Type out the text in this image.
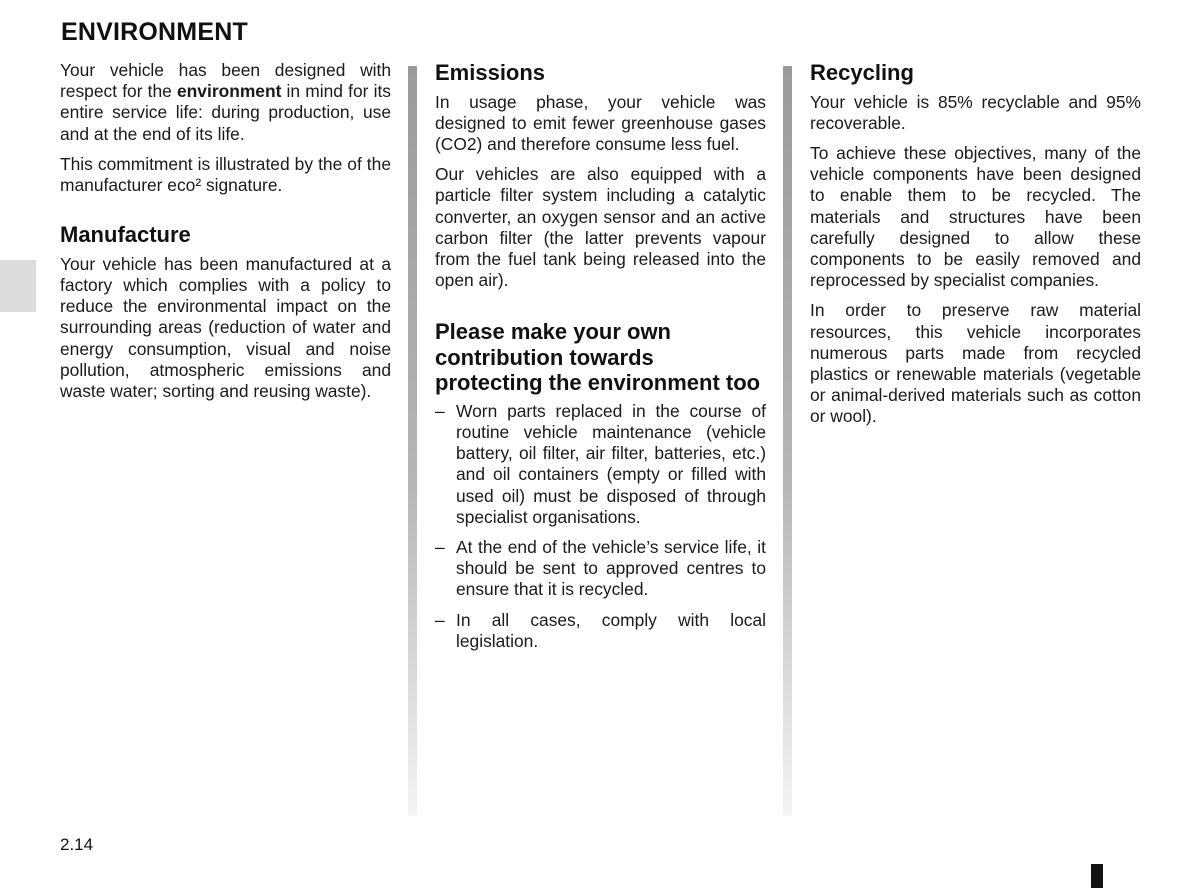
ENVIRONMENT

Your vehicle has been designed with respect for the environment in mind for its entire service life: during production, use and at the end of its life.

This commitment is illustrated by the of the manufacturer eco² signature.

Manufacture

Your vehicle has been manufactured at a factory which complies with a policy to reduce the environmental impact on the surrounding areas (reduction of water and energy consumption, visual and noise pollution, atmospheric emissions and waste water; sorting and reusing waste).

Emissions

In usage phase, your vehicle was designed to emit fewer greenhouse gases (CO2) and therefore consume less fuel.

Our vehicles are also equipped with a particle filter system including a catalytic converter, an oxygen sensor and an active carbon filter (the latter prevents vapour from the fuel tank being released into the open air).

Please make your own contribution towards protecting the environment too
– Worn parts replaced in the course of routine vehicle maintenance (vehicle battery, oil filter, air filter, batteries, etc.) and oil containers (empty or filled with used oil) must be disposed of through specialist organisations.
– At the end of the vehicle’s service life, it should be sent to approved centres to ensure that it is recycled.
– In all cases, comply with local legislation.
Recycling

Your vehicle is 85% recyclable and 95% recoverable.

To achieve these objectives, many of the vehicle components have been designed to enable them to be recycled. The materials and structures have been carefully designed to allow these components to be easily removed and reprocessed by specialist companies.

In order to preserve raw material resources, this vehicle incorporates numerous parts made from recycled plastics or renewable materials (vegetable or animal-derived materials such as cotton or wool).

2.14
